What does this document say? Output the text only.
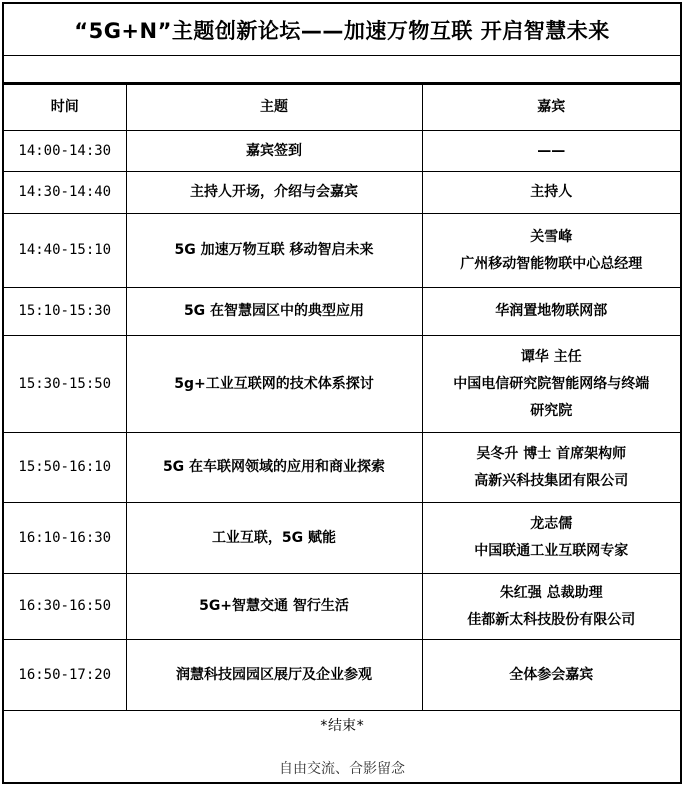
“5G+N”主题创新论坛——加速万物互联 开启智慧未来
时间	主题	嘉宾
14:00-14:30	嘉宾签到	——

14:30-14:40	主持人开场，介绍与会嘉宾	主持人

14:40-15:10	5G 加速万物互联 移动智启未来	关雪峰
广州移动智能物联中心总经理

15:10-15:30	5G 在智慧园区中的典型应用	华润置地物联网部

15:30-15:50	5g+工业互联网的技术体系探讨	谭华 主任
中国电信研究院智能网络与终端
研究院

15:50-16:10	5G 在车联网领域的应用和商业探索	吴冬升 博士 首席架构师
高新兴科技集团有限公司

16:10-16:30	工业互联，5G 赋能	龙志儒
中国联通工业互联网专家

16:30-16:50	5G+智慧交通 智行生活	朱红强 总裁助理
佳都新太科技股份有限公司

16:50-17:20	润慧科技园园区展厅及企业参观	全体参会嘉宾
*结束*
自由交流、合影留念
